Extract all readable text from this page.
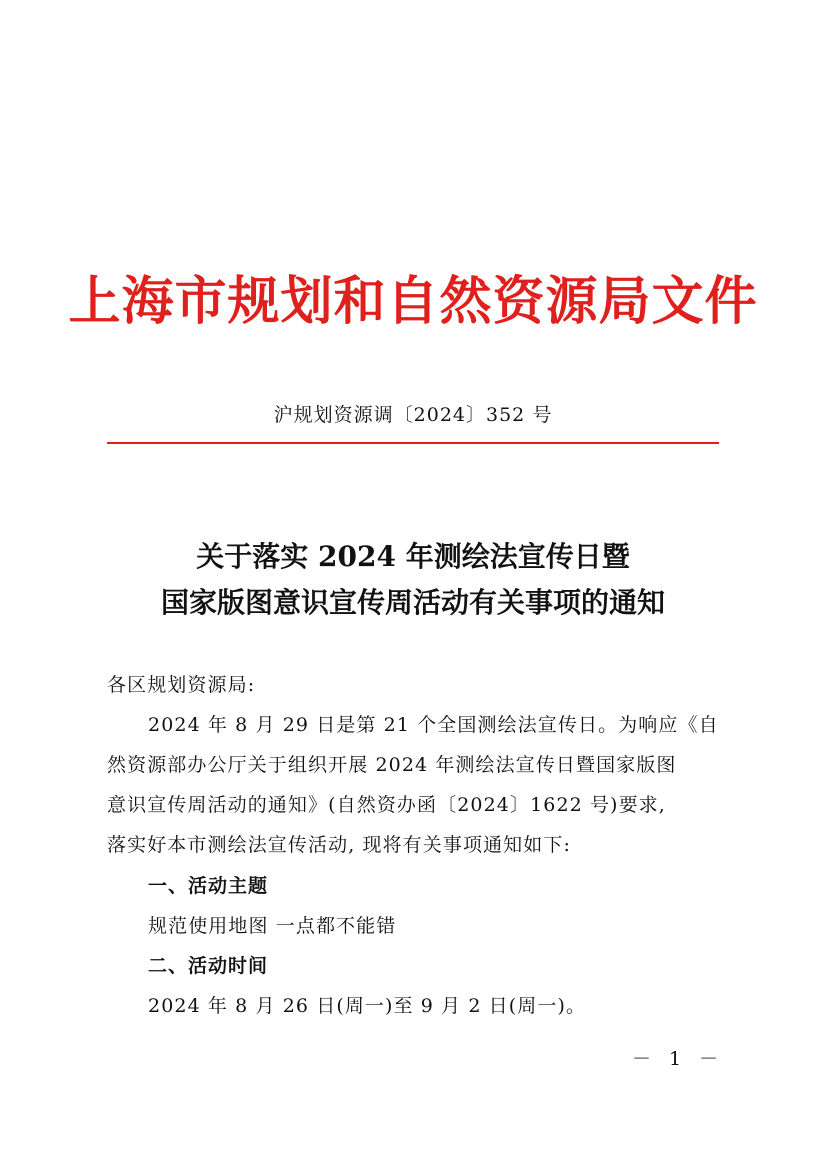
上海市规划和自然资源局文件
沪规划资源调〔2024〕352 号
关于落实 2024 年测绘法宣传日暨
国家版图意识宣传周活动有关事项的通知
各区规划资源局:
2024 年 8 月 29 日是第 21 个全国测绘法宣传日。为响应《自
然资源部办公厅关于组织开展 2024 年测绘法宣传日暨国家版图
意识宣传周活动的通知》(自然资办函〔2024〕1622 号)要求,
落实好本市测绘法宣传活动, 现将有关事项通知如下:
一、活动主题
规范使用地图 一点都不能错
二、活动时间
2024 年 8 月 26 日(周一)至 9 月 2 日(周一)。
－ 1 －
